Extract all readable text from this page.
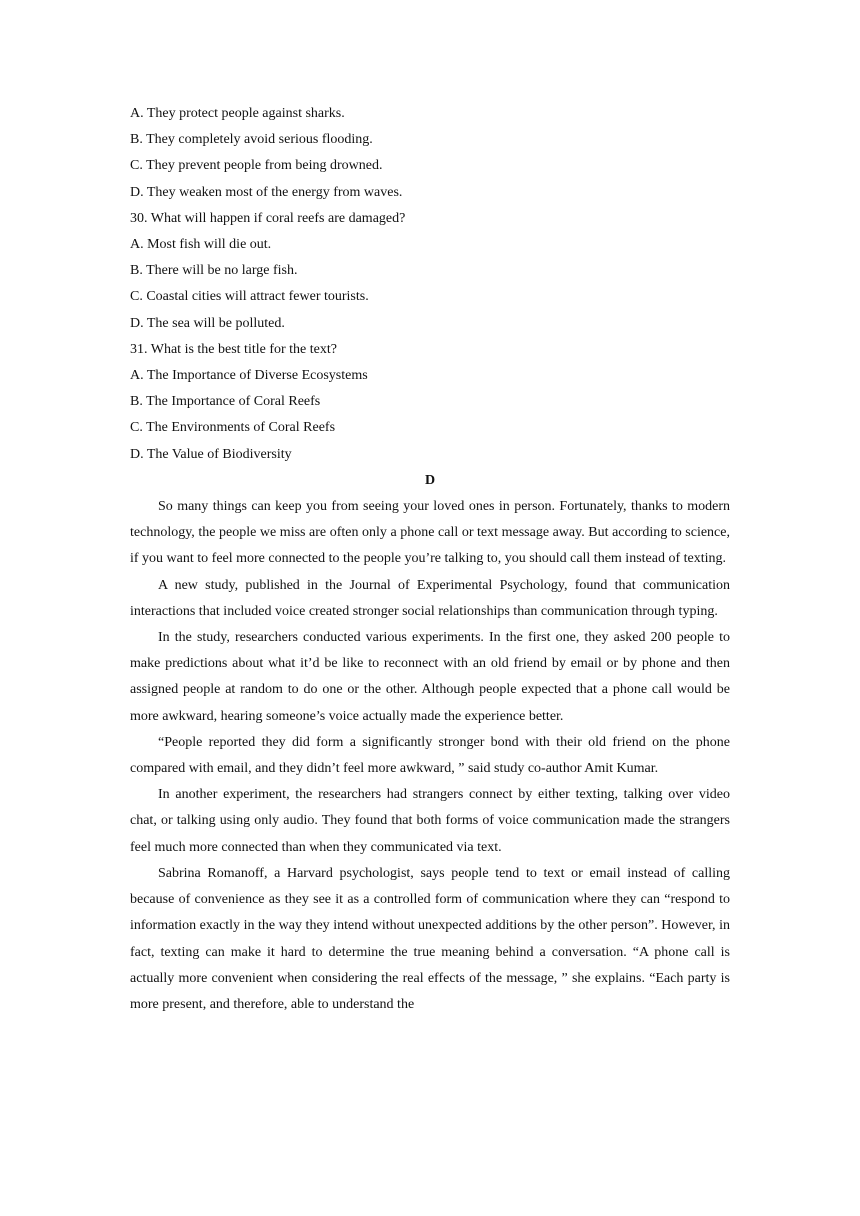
A. They protect people against sharks.

B. They completely avoid serious flooding.

C. They prevent people from being drowned.

D. They weaken most of the energy from waves.

30. What will happen if coral reefs are damaged?

A. Most fish will die out.

B. There will be no large fish.

C. Coastal cities will attract fewer tourists.

D. The sea will be polluted.

31. What is the best title for the text?

A. The Importance of Diverse Ecosystems

B. The Importance of Coral Reefs

C. The Environments of Coral Reefs

D. The Value of Biodiversity

D

So many things can keep you from seeing your loved ones in person. Fortunately, thanks to modern technology, the people we miss are often only a phone call or text message away. But according to science, if you want to feel more connected to the people you’re talking to, you should call them instead of texting.

A new study, published in the Journal of Experimental Psychology, found that communication interactions that included voice created stronger social relationships than communication through typing.

In the study, researchers conducted various experiments. In the first one, they asked 200 people to make predictions about what it’d be like to reconnect with an old friend by email or by phone and then assigned people at random to do one or the other. Although people expected that a phone call would be more awkward, hearing someone’s voice actually made the experience better.

“People reported they did form a significantly stronger bond with their old friend on the phone compared with email, and they didn’t feel more awkward, ” said study co-author Amit Kumar.

In another experiment, the researchers had strangers connect by either texting, talking over video chat, or talking using only audio. They found that both forms of voice communication made the strangers feel much more connected than when they communicated via text.

Sabrina Romanoff, a Harvard psychologist, says people tend to text or email instead of calling because of convenience as they see it as a controlled form of communication where they can “respond to information exactly in the way they intend without unexpected additions by the other person”. However, in fact, texting can make it hard to determine the true meaning behind a conversation. “A phone call is actually more convenient when considering the real effects of the message, ” she explains. “Each party is more present, and therefore, able to understand the
